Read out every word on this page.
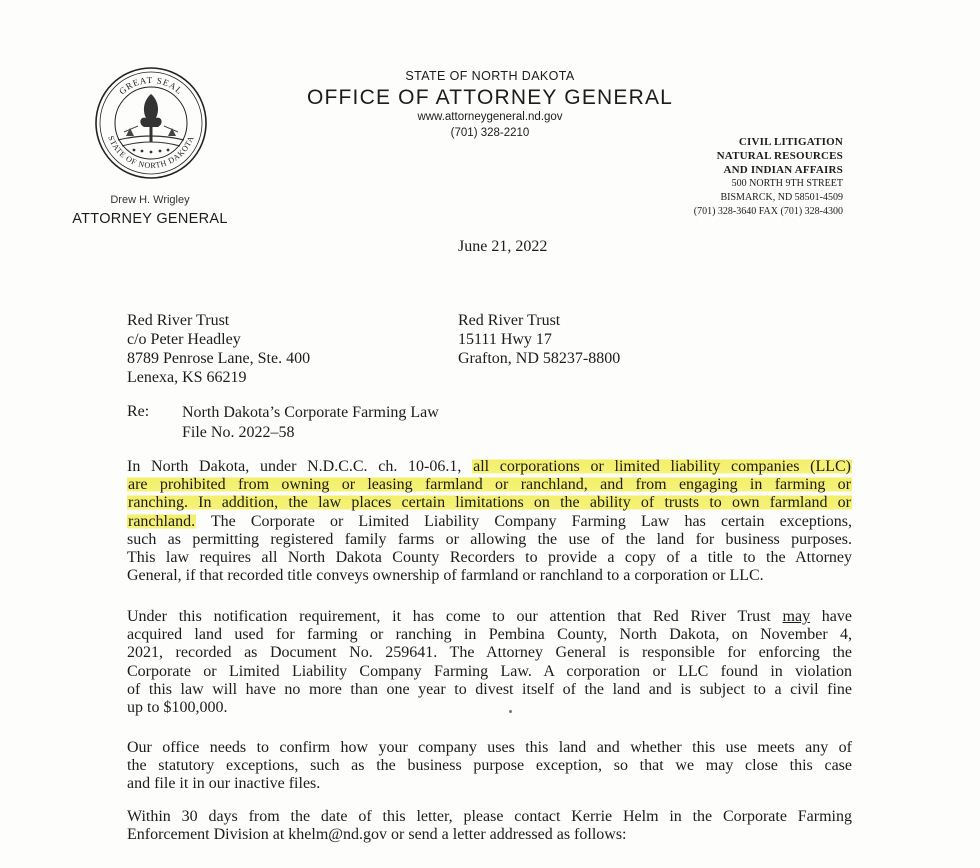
GREAT SEAL
STATE OF NORTH DAKOTA
Drew H. Wrigley
ATTORNEY GENERAL
STATE OF NORTH DAKOTA
OFFICE OF ATTORNEY GENERAL
www.attorneygeneral.nd.gov
(701) 328-2210
CIVIL LITIGATION
NATURAL RESOURCES
AND INDIAN AFFAIRS
500 NORTH 9TH STREET
BISMARCK, ND 58501-4509
(701) 328-3640 FAX (701) 328-4300
June 21, 2022
Red River Trust
c/o Peter Headley
8789 Penrose Lane, Ste. 400
Lenexa, KS 66219
Red River Trust
15111 Hwy 17
Grafton, ND 58237-8800
Re: North Dakota’s Corporate Farming Law
File No. 2022–58
In North Dakota, under N.D.C.C. ch. 10-06.1, all corporations or limited liability companies (LLC)
are prohibited from owning or leasing farmland or ranchland, and from engaging in farming or
ranching. In addition, the law places certain limitations on the ability of trusts to own farmland or
ranchland. The Corporate or Limited Liability Company Farming Law has certain exceptions,
such as permitting registered family farms or allowing the use of the land for business purposes.
This law requires all North Dakota County Recorders to provide a copy of a title to the Attorney
General, if that recorded title conveys ownership of farmland or ranchland to a corporation or LLC.
Under this notification requirement, it has come to our attention that Red River Trust may have
acquired land used for farming or ranching in Pembina County, North Dakota, on November 4,
2021, recorded as Document No. 259641. The Attorney General is responsible for enforcing the
Corporate or Limited Liability Company Farming Law. A corporation or LLC found in violation
of this law will have no more than one year to divest itself of the land and is subject to a civil fine
up to $100,000.
Our office needs to confirm how your company uses this land and whether this use meets any of
the statutory exceptions, such as the business purpose exception, so that we may close this case
and file it in our inactive files.
Within 30 days from the date of this letter, please contact Kerrie Helm in the Corporate Farming
Enforcement Division at khelm@nd.gov or send a letter addressed as follows:
